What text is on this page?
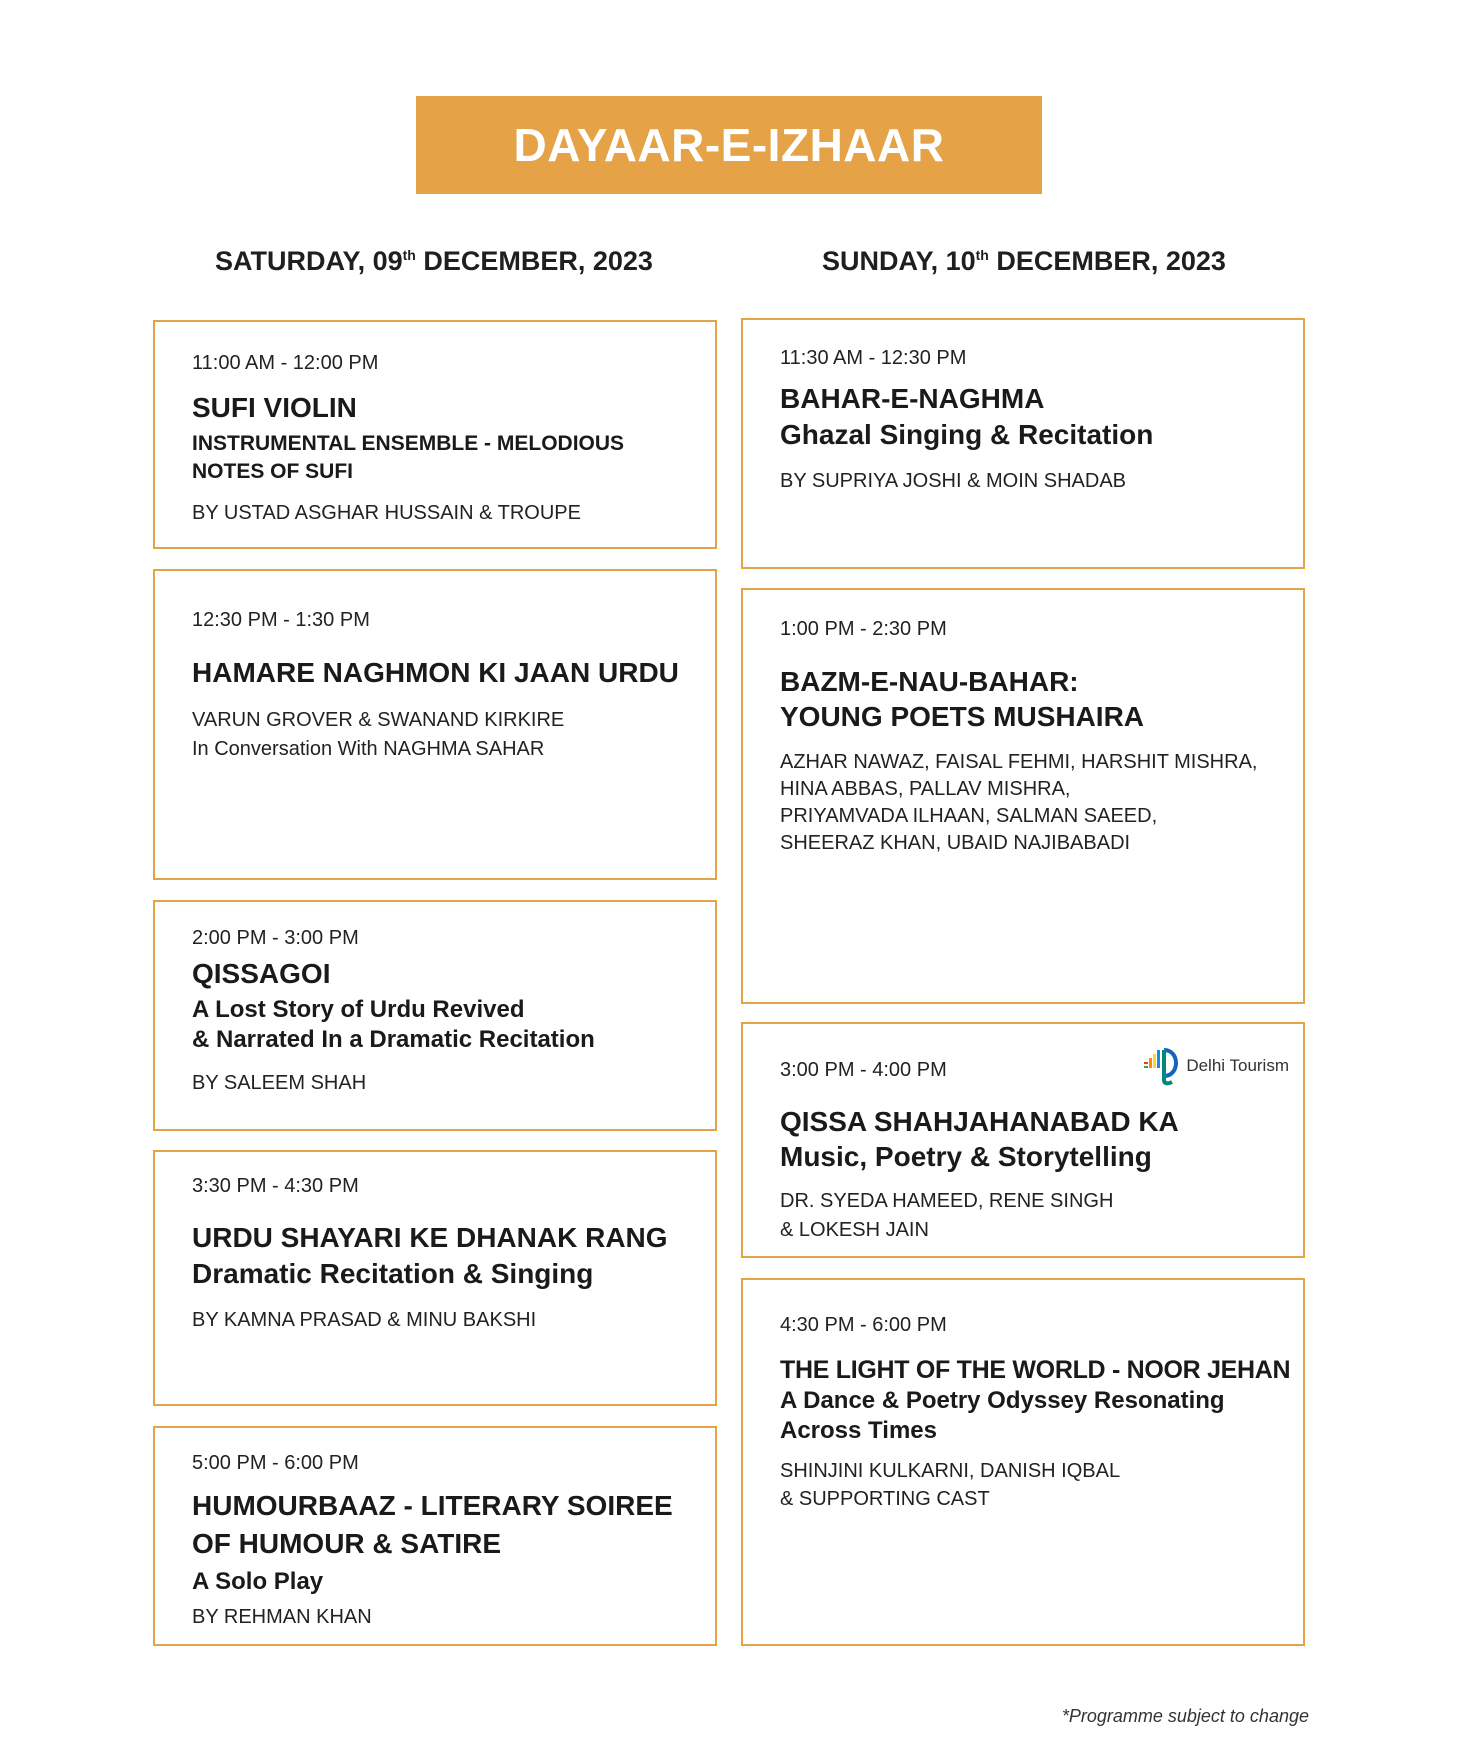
DAYAAR-E-IZHAAR
SATURDAY, 09th DECEMBER, 2023	SUNDAY, 10th DECEMBER, 2023
11:00 AM - 12:00 PM
SUFI VIOLIN
INSTRUMENTAL ENSEMBLE - MELODIOUS
NOTES OF SUFI
BY USTAD ASGHAR HUSSAIN & TROUPE
12:30 PM - 1:30 PM
HAMARE NAGHMON KI JAAN URDU
VARUN GROVER & SWANAND KIRKIRE
In Conversation With NAGHMA SAHAR
2:00 PM - 3:00 PM
QISSAGOI
A Lost Story of Urdu Revived
& Narrated In a Dramatic Recitation
BY SALEEM SHAH
3:30 PM - 4:30 PM
URDU SHAYARI KE DHANAK RANG
Dramatic Recitation & Singing
BY KAMNA PRASAD & MINU BAKSHI
5:00 PM - 6:00 PM
HUMOURBAAZ - LITERARY SOIREE
OF HUMOUR & SATIRE
A Solo Play
BY REHMAN KHAN
11:30 AM - 12:30 PM
BAHAR-E-NAGHMA
Ghazal Singing & Recitation
BY SUPRIYA JOSHI & MOIN SHADAB
1:00 PM - 2:30 PM
BAZM-E-NAU-BAHAR:
YOUNG POETS MUSHAIRA
AZHAR NAWAZ, FAISAL FEHMI, HARSHIT MISHRA,
HINA ABBAS, PALLAV MISHRA,
PRIYAMVADA ILHAAN, SALMAN SAEED,
SHEERAZ KHAN, UBAID NAJIBABADI
3:00 PM - 4:00 PM	Delhi Tourism
QISSA SHAHJAHANABAD KA
Music, Poetry & Storytelling
DR. SYEDA HAMEED, RENE SINGH
& LOKESH JAIN
4:30 PM - 6:00 PM
THE LIGHT OF THE WORLD - NOOR JEHAN
A Dance & Poetry Odyssey Resonating
Across Times
SHINJINI KULKARNI, DANISH IQBAL
& SUPPORTING CAST
*Programme subject to change
